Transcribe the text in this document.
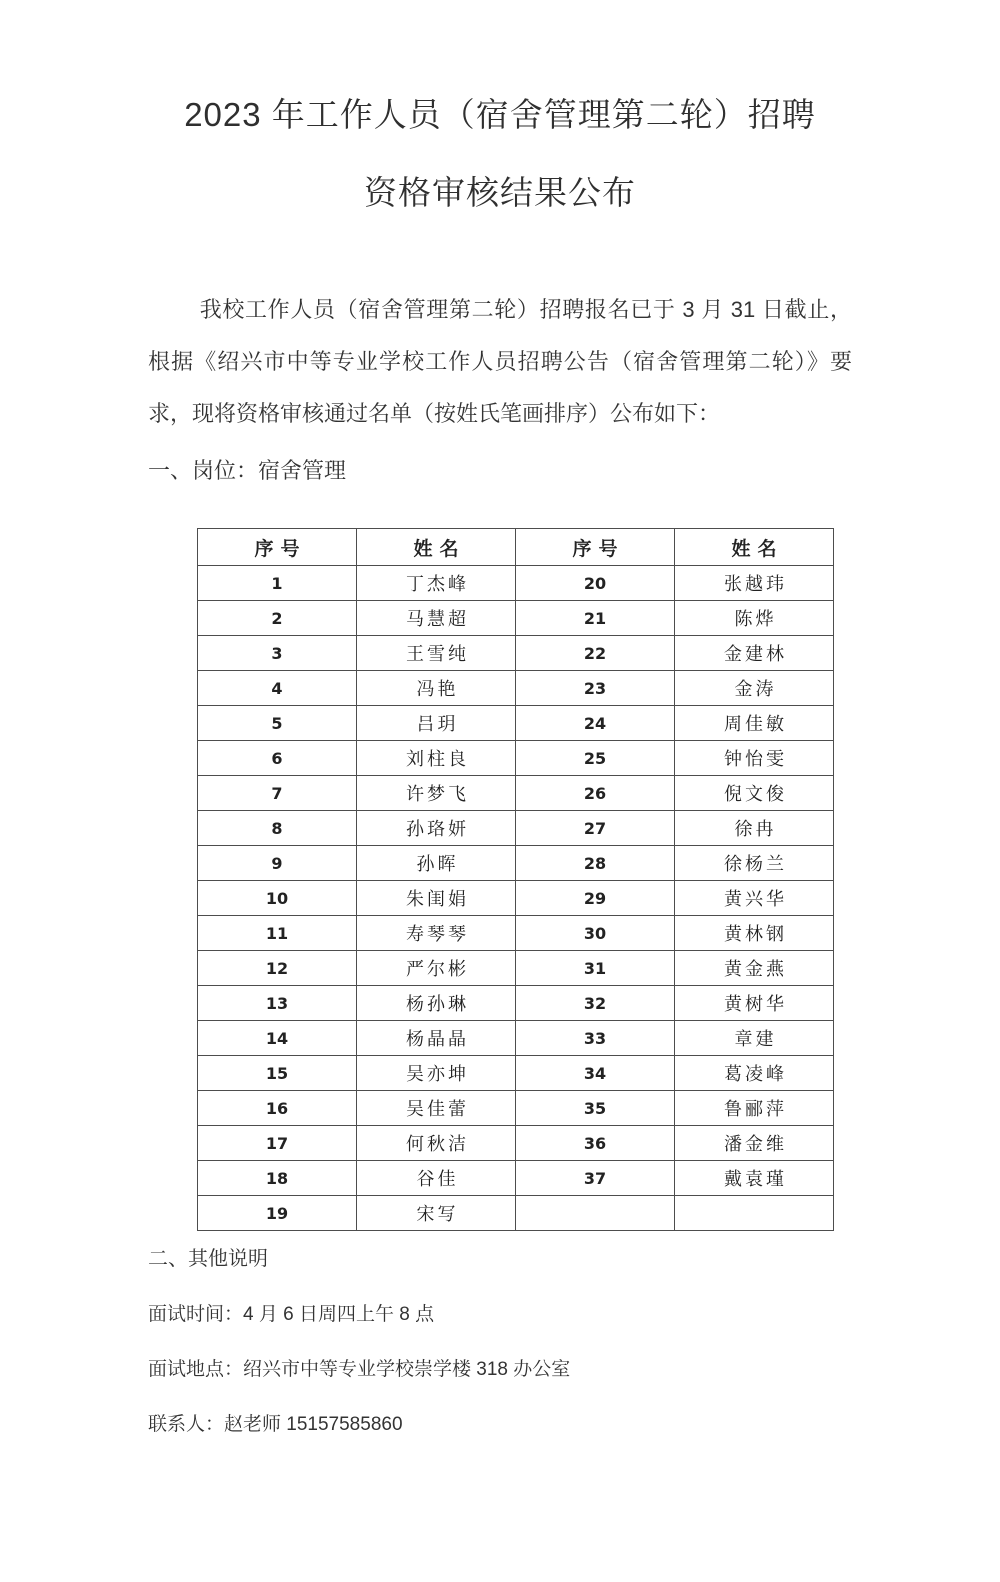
2023 年工作人员（宿舍管理第二轮）招聘
资格审核结果公布

我校工作人员（宿舍管理第二轮）招聘报名已于 3 月 31 日截止，根据《绍兴市中等专业学校工作人员招聘公告（宿舍管理第二轮）》要求，现将资格审核通过名单（按姓氏笔画排序）公布如下：

一、岗位：宿舍管理
序号	姓名	序号	姓名
1	丁杰峰	20	张越玮
2	马慧超	21	陈烨
3	王雪纯	22	金建林
4	冯艳	23	金涛
5	吕玥	24	周佳敏
6	刘柱良	25	钟怡雯
7	许梦飞	26	倪文俊
8	孙珞妍	27	徐冉
9	孙晖	28	徐杨兰
10	朱闺娟	29	黄兴华
11	寿琴琴	30	黄林钢
12	严尔彬	31	黄金燕
13	杨孙琳	32	黄树华
14	杨晶晶	33	章建
15	吴亦坤	34	葛凌峰
16	吴佳蕾	35	鲁郦萍
17	何秋洁	36	潘金维
18	谷佳	37	戴袁瑾
19	宋写		
二、其他说明
面试时间：4 月 6 日周四上午 8 点
面试地点：绍兴市中等专业学校崇学楼 318 办公室
联系人：赵老师 15157585860
